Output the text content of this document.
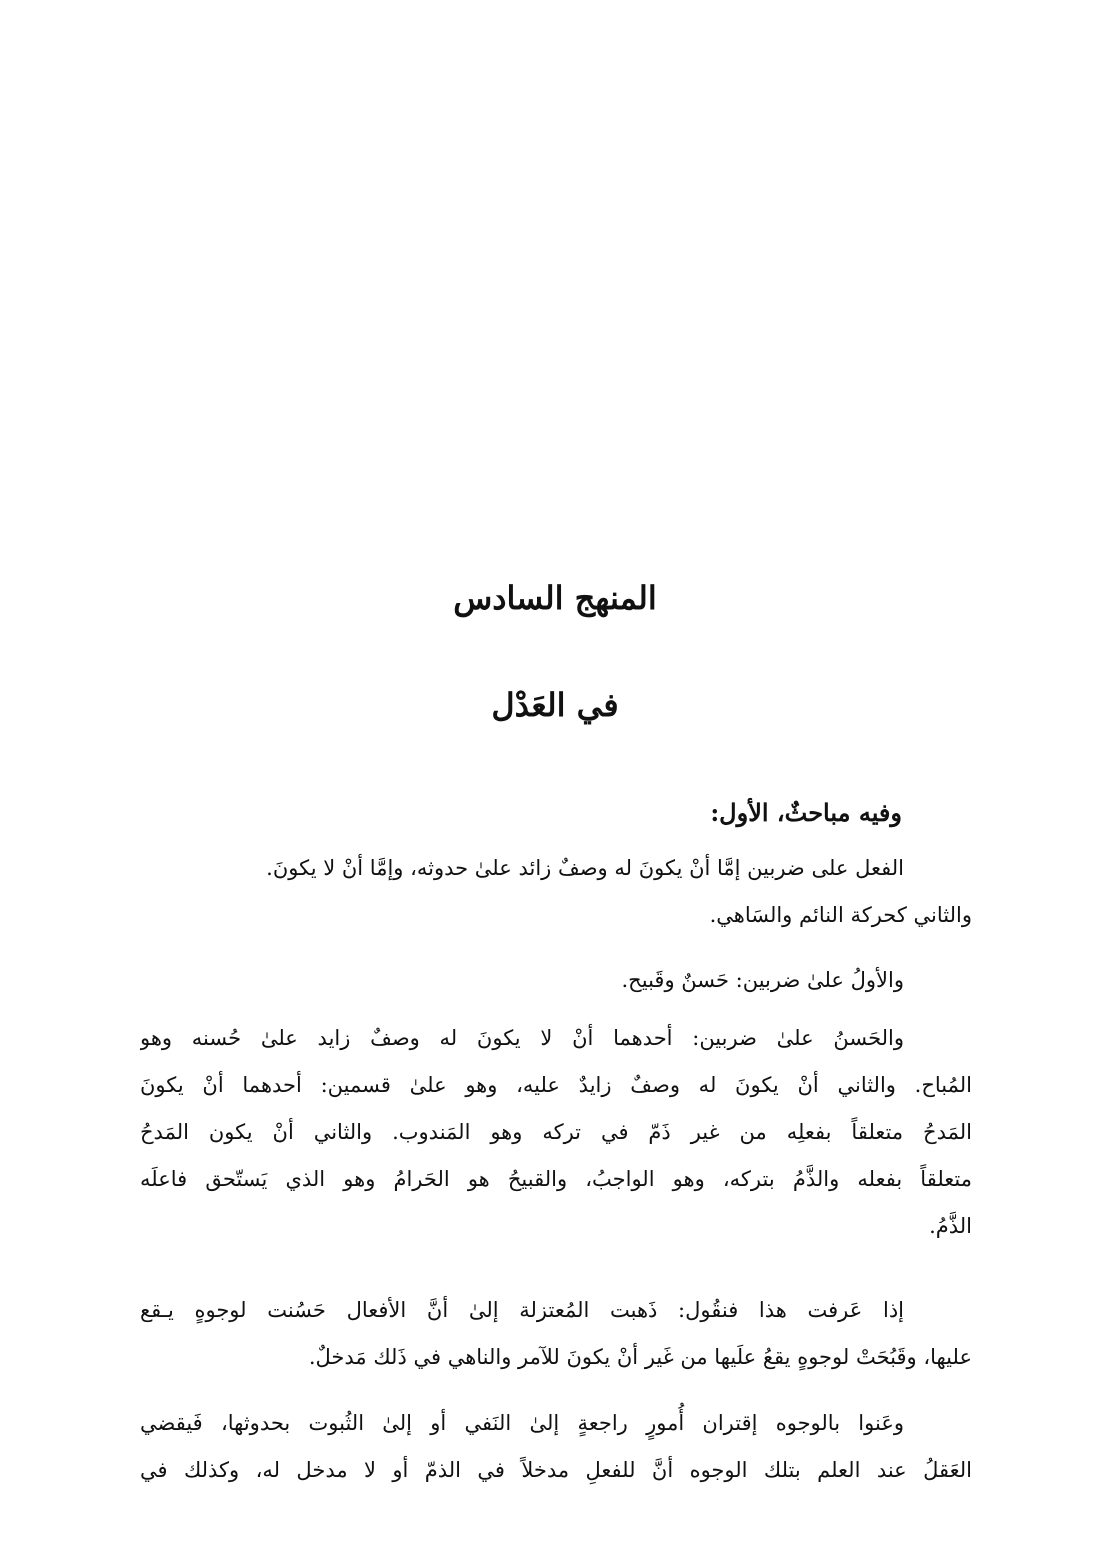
المنهج السادس
في العَدْل
وفيه مباحثٌ، الأول:
الفعل على ضربين إمَّا أنْ يكونَ له وصفٌ زائد علىٰ حدوثه، وإمَّا أنْ لا يكونَ.
والثاني كحركة النائم والسَاهي.
والأولُ علىٰ ضربين: حَسنٌ وقَبيح.
والحَسنُ علىٰ ضربين: أحدهما أنْ لا يكونَ له وصفٌ زايد علىٰ حُسنه وهو
المُباح. والثاني أنْ يكونَ له وصفٌ زايدٌ عليه، وهو علىٰ قسمين: أحدهما أنْ يكونَ
المَدحُ متعلقاً بفعلِه من غير ذَمّ في تركه وهو المَندوب. والثاني أنْ يكون المَدحُ
متعلقاً بفعله والذَّمُ بتركه، وهو الواجبُ، والقبيحُ هو الحَرامُ وهو الذي يَستّحق فاعلَه
الذَّمُ.
إذا عَرفت هذا فنقُول: ذَهبت المُعتزلة إلىٰ أنَّ الأفعال حَسُنت لوجوهٍ يـقع
عليها، وقَبُحَتْ لوجوهٍ يقعُ علَيها من غَير أنْ يكونَ للآمر والناهي في ذَلك مَدخلٌ.
وعَنوا بالوجوه إقتران أُمورٍ راجعةٍ إلىٰ النَفي أو إلىٰ الثُبوت بحدوثها، فَيقضي
العَقلُ عند العلم بتلك الوجوه أنَّ للفعلِ مدخلاً في الذمّ أو لا مدخل له، وكذلك في
